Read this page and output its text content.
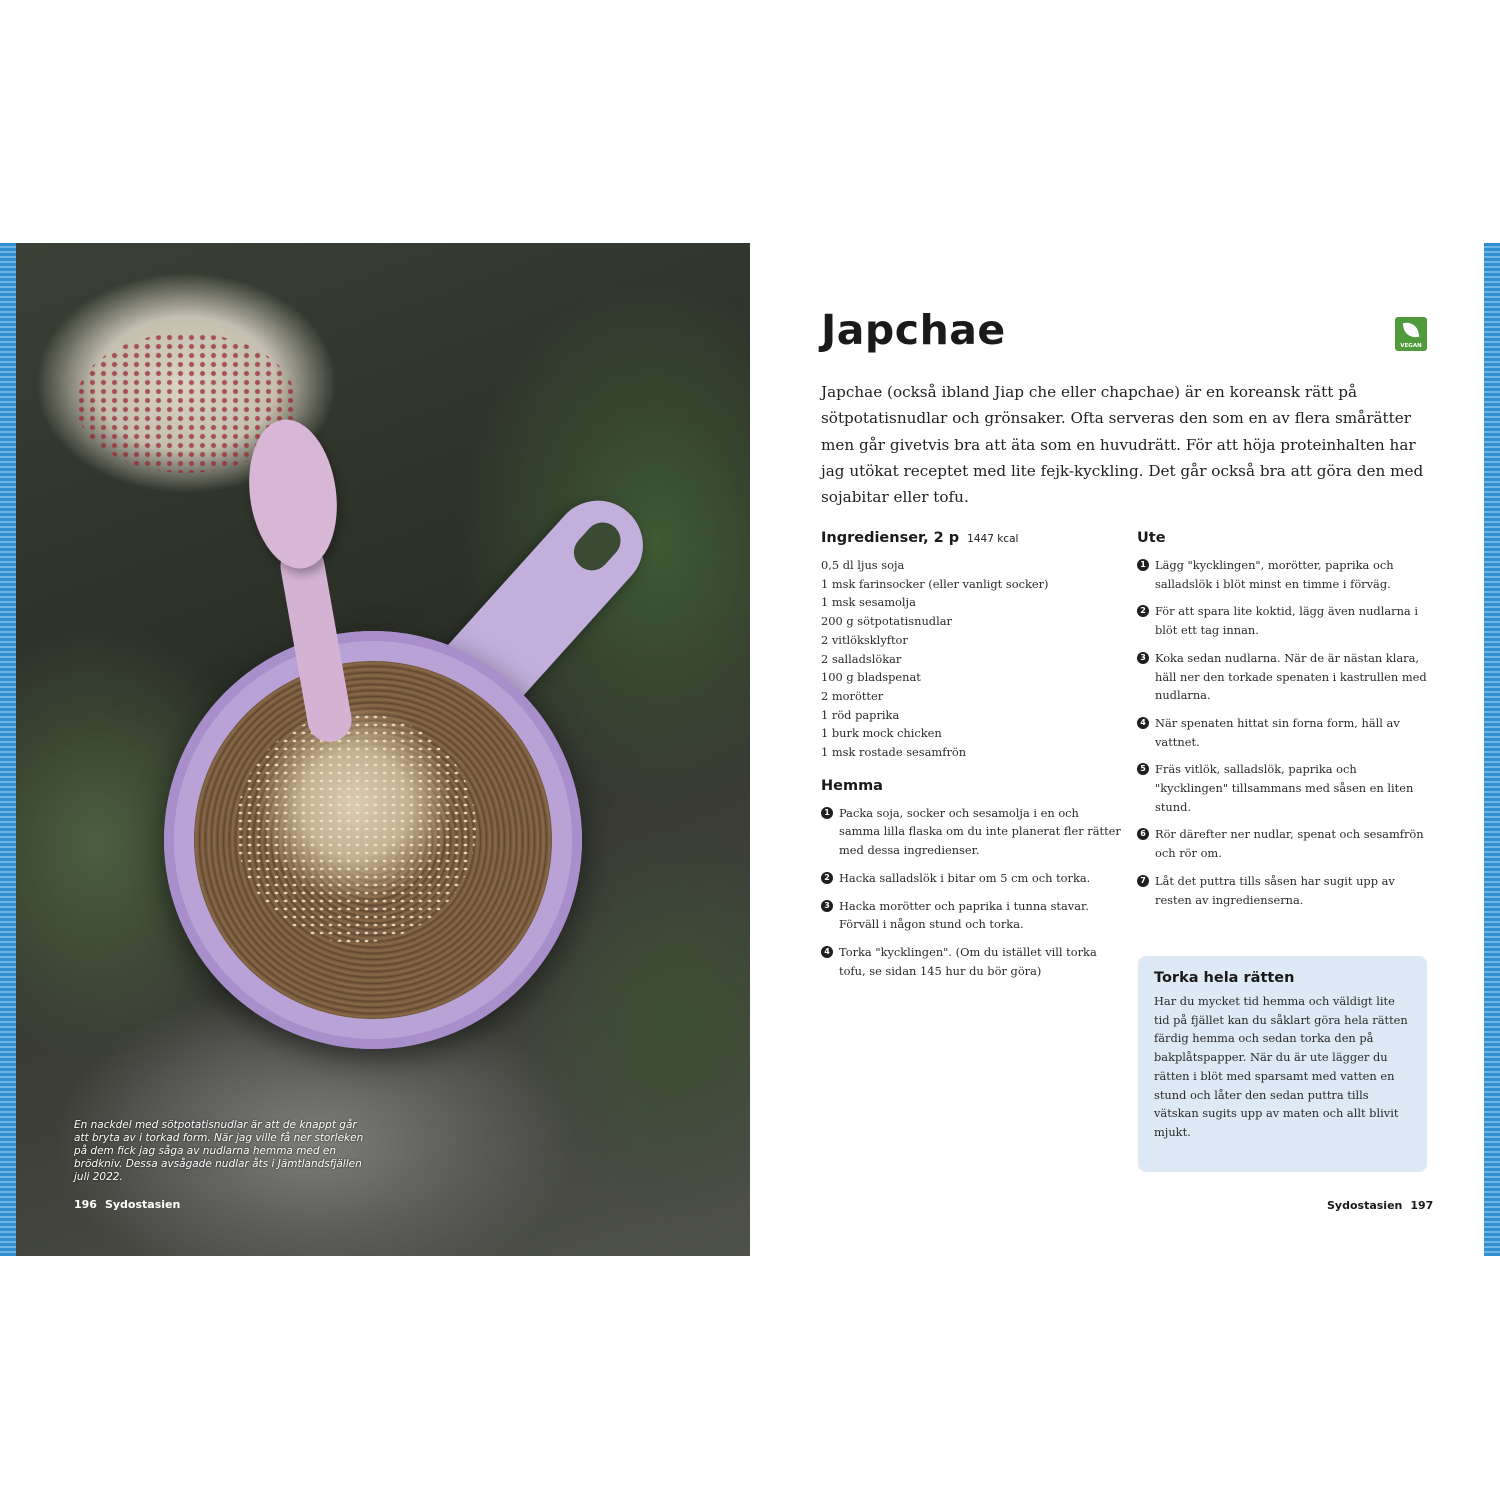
En nackdel med sötpotatisnudlar är att de knappt går att bryta av i torkad form. När jag ville få ner storleken på dem fick jag såga av nudlarna hemma med en brödkniv. Dessa avsågade nudlar åts i Jämtlandsfjällen juli 2022.

196 Sydostasien
Japchae	VEGAN

Japchae (också ibland Jiap che eller chapchae) är en koreansk rätt på sötpotatisnudlar och grönsaker. Ofta serveras den som en av flera smårätter men går givetvis bra att äta som en huvudrätt. För att höja proteinhalten har jag utökat receptet med lite fejk-kyckling. Det går också bra att göra den med sojabitar eller tofu.

Ingredienser, 2 p 1447 kcal
0,5 dl ljus soja
1 msk farinsocker (eller vanligt socker)
1 msk sesamolja
200 g sötpotatisnudlar
2 vitlöksklyftor
2 salladslökar
100 g bladspenat
2 morötter
1 röd paprika
1 burk mock chicken
1 msk rostade sesamfrön
Hemma
1 Packa soja, socker och sesamolja i en och samma lilla flaska om du inte planerat fler rätter med dessa ingredienser.
2 Hacka salladslök i bitar om 5 cm och torka.
3 Hacka morötter och paprika i tunna stavar. Förväll i någon stund och torka.
4 Torka "kycklingen". (Om du istället vill torka tofu, se sidan 145 hur du bör göra)
Ute
1 Lägg "kycklingen", morötter, paprika och salladslök i blöt minst en timme i förväg.
2 För att spara lite koktid, lägg även nudlarna i blöt ett tag innan.
3 Koka sedan nudlarna. När de är nästan klara, häll ner den torkade spenaten i kastrullen med nudlarna.
4 När spenaten hittat sin forna form, häll av vattnet.
5 Fräs vitlök, salladslök, paprika och "kycklingen" tillsammans med såsen en liten stund.
6 Rör därefter ner nudlar, spenat och sesamfrön och rör om.
7 Låt det puttra tills såsen har sugit upp av resten av ingredienserna.
Torka hela rätten

Har du mycket tid hemma och väldigt lite tid på fjället kan du såklart göra hela rätten färdig hemma och sedan torka den på bakplåtspapper. När du är ute lägger du rätten i blöt med sparsamt med vatten en stund och låter den sedan puttra tills vätskan sugits upp av maten och allt blivit mjukt.

Sydostasien 197
